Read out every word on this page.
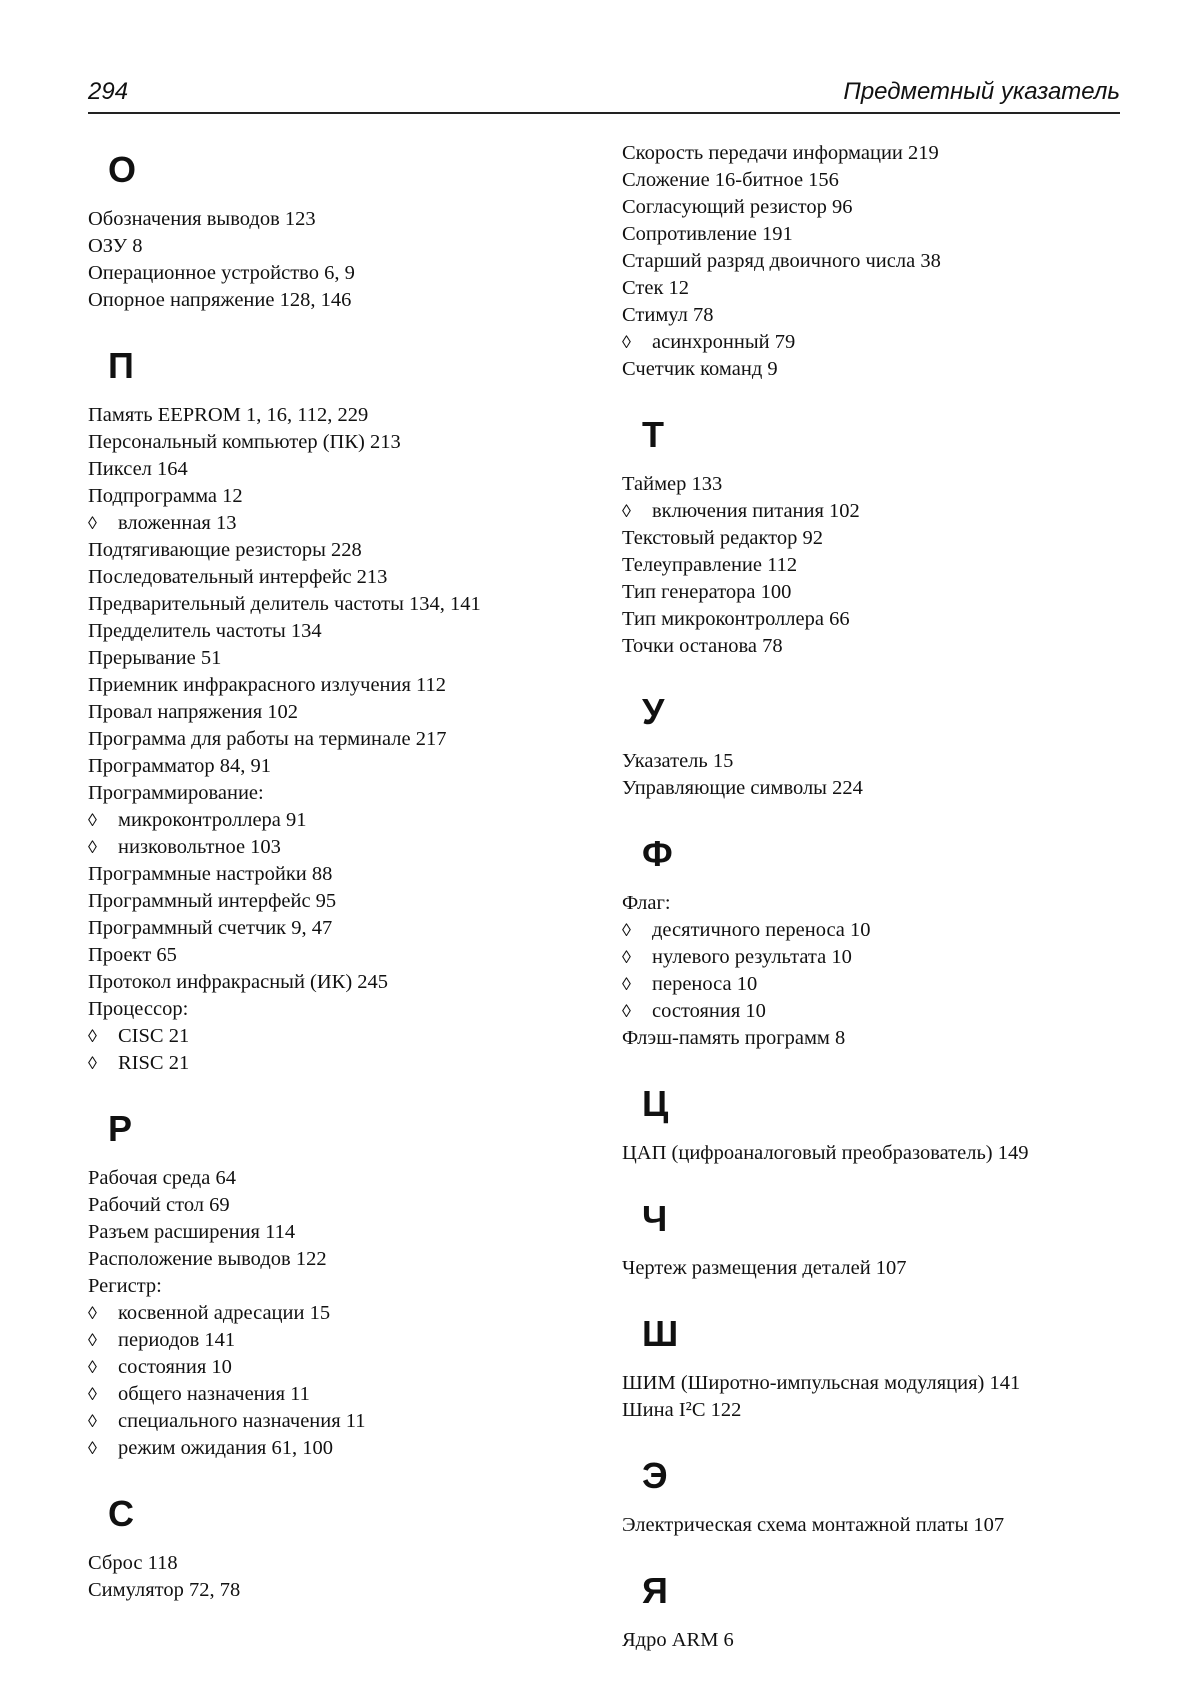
294	Предметный указатель
О
Обозначения выводов 123
ОЗУ 8
Операционное устройство 6, 9
Опорное напряжение 128, 146
П
Память EEPROM 1, 16, 112, 229
Персональный компьютер (ПК) 213
Пиксел 164
Подпрограмма 12
◊ вложенная 13
Подтягивающие резисторы 228
Последовательный интерфейс 213
Предварительный делитель частоты 134, 141
Предделитель частоты 134
Прерывание 51
Приемник инфракрасного излучения 112
Провал напряжения 102
Программа для работы на терминале 217
Программатор 84, 91
Программирование:
◊ микроконтроллера 91
◊ низковольтное 103
Программные настройки 88
Программный интерфейс 95
Программный счетчик 9, 47
Проект 65
Протокол инфракрасный (ИК) 245
Процессор:
◊ CISC 21
◊ RISC 21
Р
Рабочая среда 64
Рабочий стол 69
Разъем расширения 114
Расположение выводов 122
Регистр:
◊ косвенной адресации 15
◊ периодов 141
◊ состояния 10
◊ общего назначения 11
◊ специального назначения 11
◊ режим ожидания 61, 100
С
Сброс 118
Симулятор 72, 78
Скорость передачи информации 219
Сложение 16-битное 156
Согласующий резистор 96
Сопротивление 191
Старший разряд двоичного числа 38
Стек 12
Стимул 78
◊ асинхронный 79
Счетчик команд 9
Т
Таймер 133
◊ включения питания 102
Текстовый редактор 92
Телеуправление 112
Тип генератора 100
Тип микроконтроллера 66
Точки останова 78
У
Указатель 15
Управляющие символы 224
Ф
Флаг:
◊ десятичного переноса 10
◊ нулевого результата 10
◊ переноса 10
◊ состояния 10
Флэш-память программ 8
Ц
ЦАП (цифроаналоговый преобразователь) 149
Ч
Чертеж размещения деталей 107
Ш
ШИМ (Широтно-импульсная модуляция) 141
Шина I²C 122
Э
Электрическая схема монтажной платы 107
Я
Ядро ARM 6
